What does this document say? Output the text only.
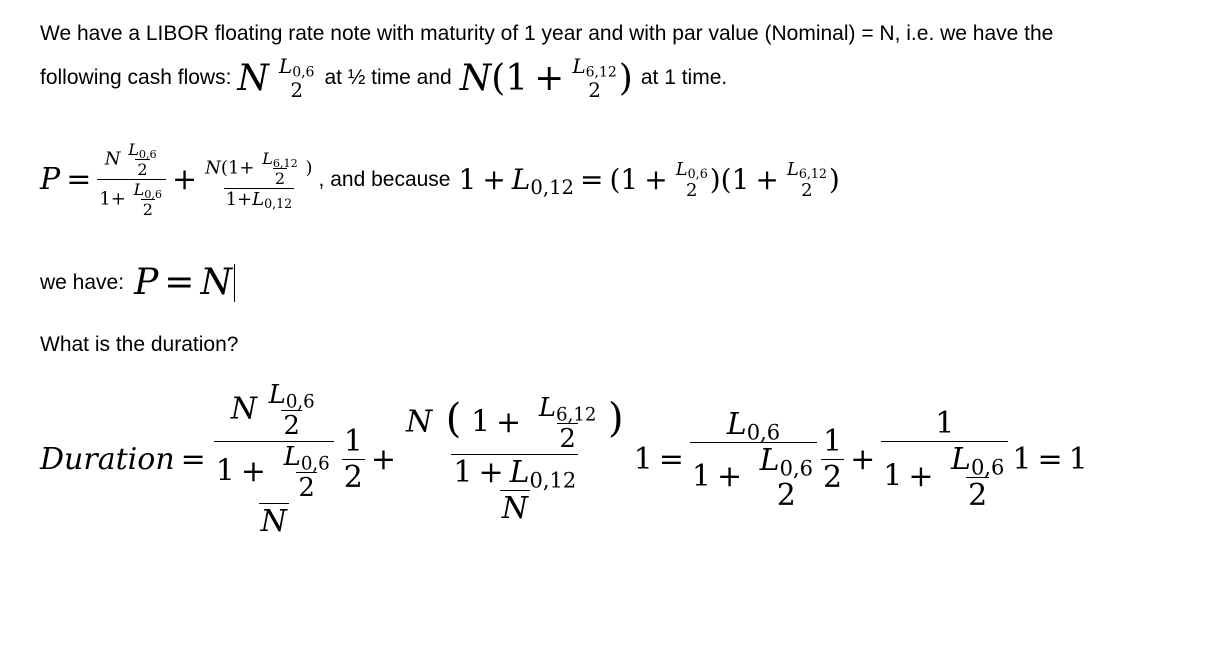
We have a LIBOR floating rate note with maturity of 1 year and with par value (Nominal) = N, i.e. we have the
following cash flows: N $L_{0,6}$
2
at ½ time and $N(1 + L_{6,12}$
2 ) at 1 time.
$P = \frac{N \frac{L_{0,6}}{2}}{1+ \frac{L_{0,6}}{2}} + \frac{N(1+ \frac{L_{6,12}}{2} )}{1+L_{0,12}}$ , and because $1 + L_{0,12} = (1 + L_{0,6}$
2 )($1 + L_{6,12}$
2 )
we have: P = N
What is the duration?
Duration = $\frac{N \frac{L_{0,6}}{2}}{1 + \frac{L_{0,6}}{2}}$
N
$\frac{1}{2}$ +
N ( $1 + \frac{L_{6,12}}{2}$ )
$1 + L_{0,12}$
N
$1 = L_{0,6}$
$1 + L_{0,6}$
$2 \frac{1}{2} + \frac{1}{1 + \frac{L_{0,6}}{2}} 1 = 1$
